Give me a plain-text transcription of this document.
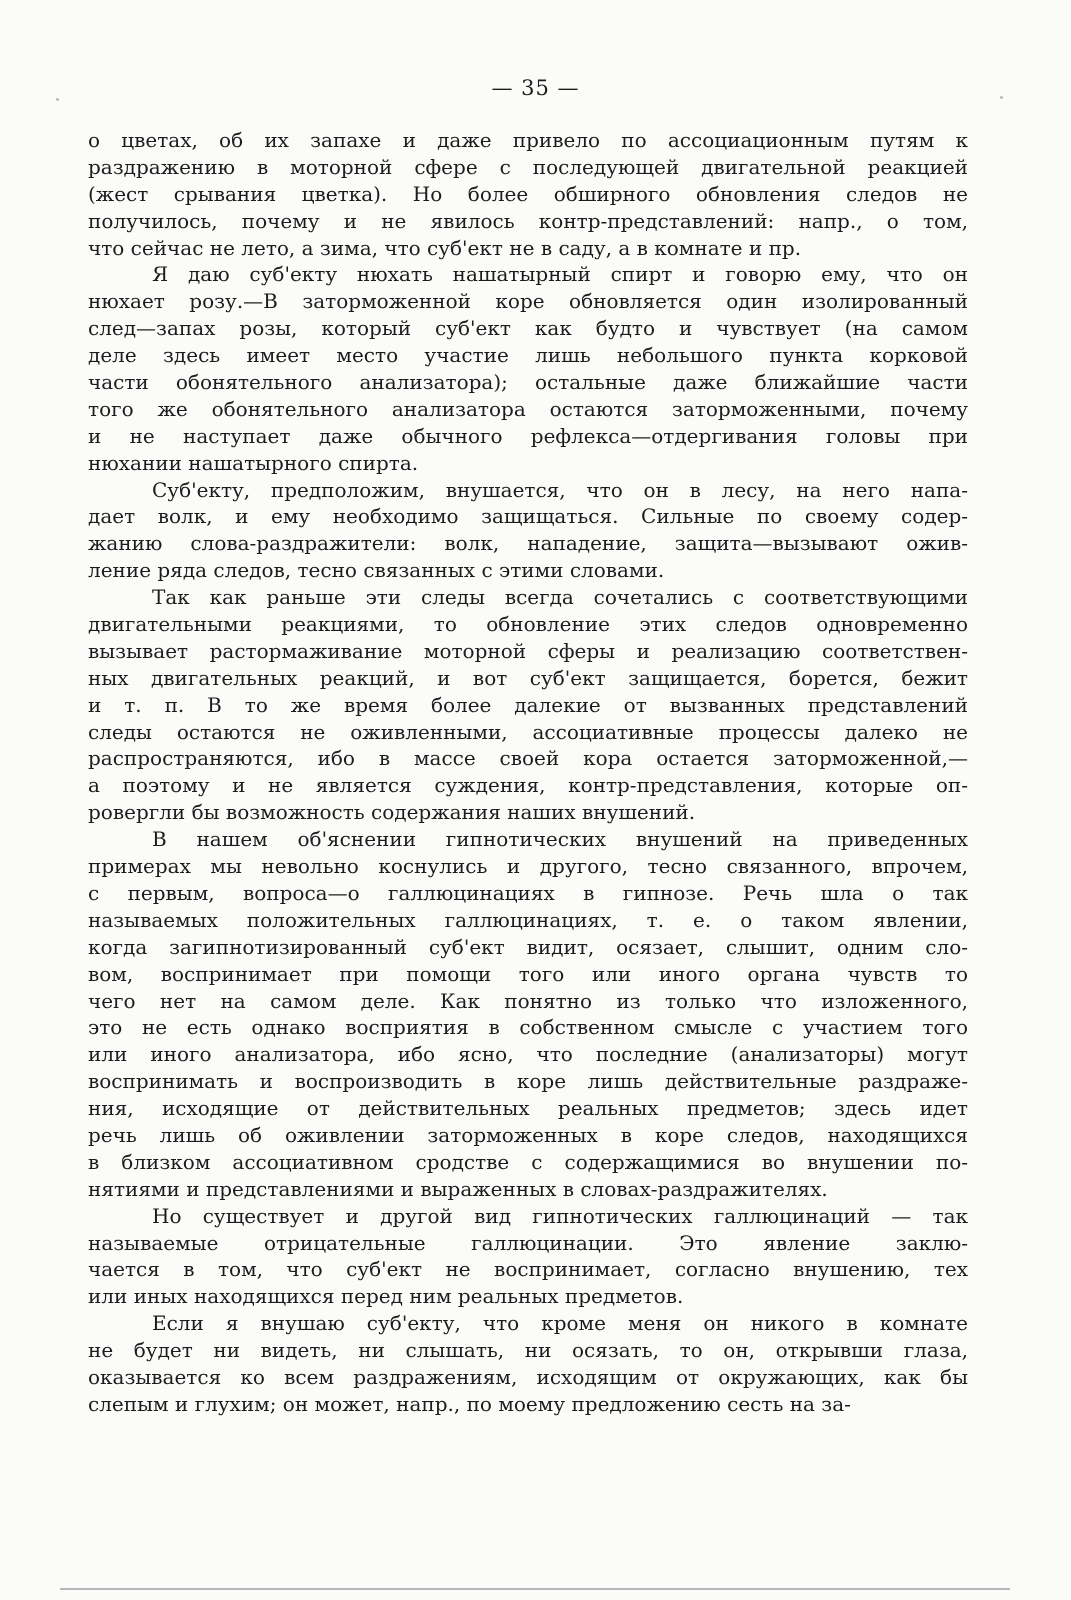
— 35 —
о цветах, об их запахе и даже привело по ассоциационным путям к
раздражению в моторной сфере с последующей двигательной реакцией
(жест срывания цветка). Но более обширного обновления следов не
получилось, почему и не явилось контр-представлений: напр., о том,
что сейчас не лето, а зима, что суб'ект не в саду, а в комнате и пр.
Я даю суб'екту нюхать нашатырный спирт и говорю ему, что он
нюхает розу.—В заторможенной коре обновляется один изолированный
след—запах розы, который суб'ект как будто и чувствует (на самом
деле здесь имеет место участие лишь небольшого пункта корковой
части обонятельного анализатора); остальные даже ближайшие части
того же обонятельного анализатора остаются заторможенными, почему
и не наступает даже обычного рефлекса—отдергивания головы при
нюхании нашатырного спирта.
Суб'екту, предположим, внушается, что он в лесу, на него напа-
дает волк, и ему необходимо защищаться. Сильные по своему содер-
жанию слова-раздражители: волк, нападение, защита—вызывают ожив-
ление ряда следов, тесно связанных с этими словами.
Так как раньше эти следы всегда сочетались с соответствующими
двигательными реакциями, то обновление этих следов одновременно
вызывает растормаживание моторной сферы и реализацию соответствен-
ных двигательных реакций, и вот суб'ект защищается, борется, бежит
и т. п. В то же время более далекие от вызванных представлений
следы остаются не оживленными, ассоциативные процессы далеко не
распространяются, ибо в массе своей кора остается заторможенной,—
а поэтому и не является суждения, контр-представления, которые оп-
ровергли бы возможность содержания наших внушений.
В нашем об'яснении гипнотических внушений на приведенных
примерах мы невольно коснулись и другого, тесно связанного, впрочем,
с первым, вопроса—о галлюцинациях в гипнозе. Речь шла о так
называемых положительных галлюцинациях, т. е. о таком явлении,
когда загипнотизированный суб'ект видит, осязает, слышит, одним сло-
вом, воспринимает при помощи того или иного органа чувств то
чего нет на самом деле. Как понятно из только что изложенного,
это не есть однако восприятия в собственном смысле с участием того
или иного анализатора, ибо ясно, что последние (анализаторы) могут
воспринимать и воспроизводить в коре лишь действительные раздраже-
ния, исходящие от действительных реальных предметов; здесь идет
речь лишь об оживлении заторможенных в коре следов, находящихся
в близком ассоциативном сродстве с содержащимися во внушении по-
нятиями и представлениями и выраженных в словах-раздражителях.
Но существует и другой вид гипнотических галлюцинаций — так
называемые отрицательные галлюцинации. Это явление заклю-
чается в том, что суб'ект не воспринимает, согласно внушению, тех
или иных находящихся перед ним реальных предметов.
Если я внушаю суб'екту, что кроме меня он никого в комнате
не будет ни видеть, ни слышать, ни осязать, то он, открывши глаза,
оказывается ко всем раздражениям, исходящим от окружающих, как бы
слепым и глухим; он может, напр., по моему предложению сесть на за-
